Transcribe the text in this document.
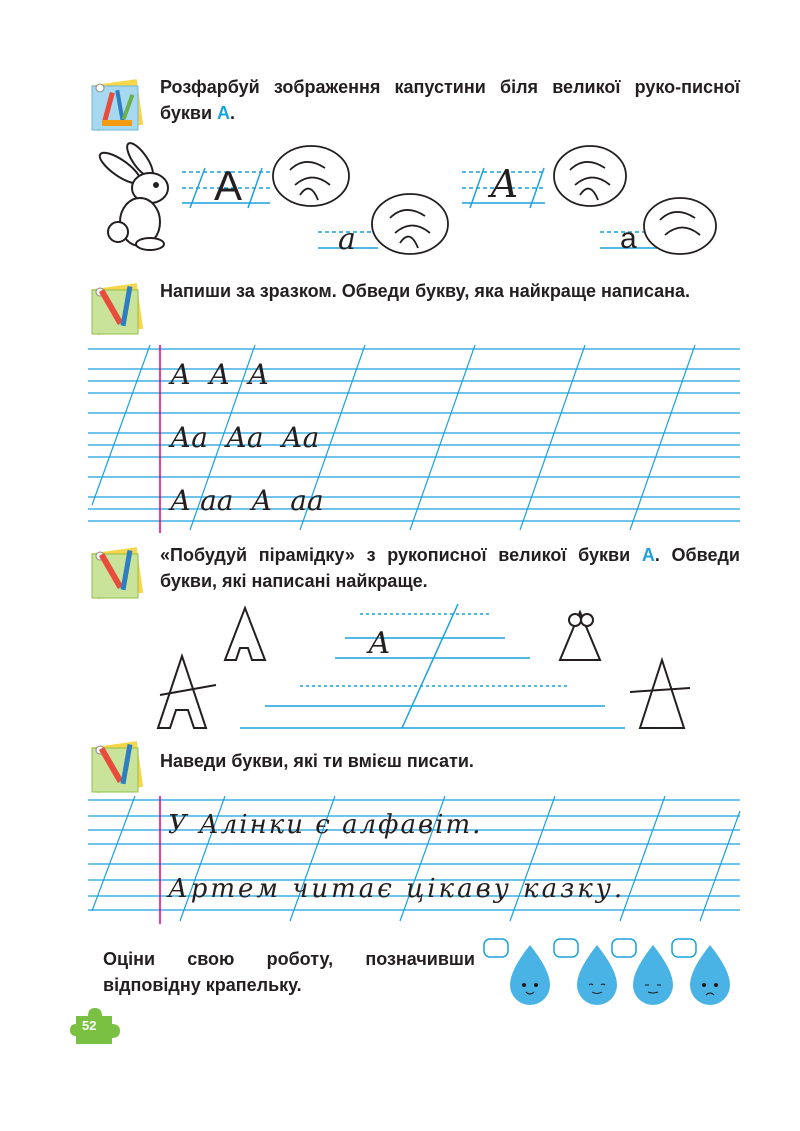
Розфарбуй зображення капустини біля великої руко-писної букви А.
А
а
А
а
Напиши за зразком. Обведи букву, яка найкраще написана.
А  А  А
Аа  Аа  Аа
А аа  А  аа
«Побудуй пірамідку» з рукописної великої букви А. Обведи букви, які написані найкраще.
А
Наведи букви, які ти вмієш писати.
У Алінки є алфавіт.
Артем читає цікаву казку.
Оціни свою роботу, позначивши відповідну крапельку.
52
